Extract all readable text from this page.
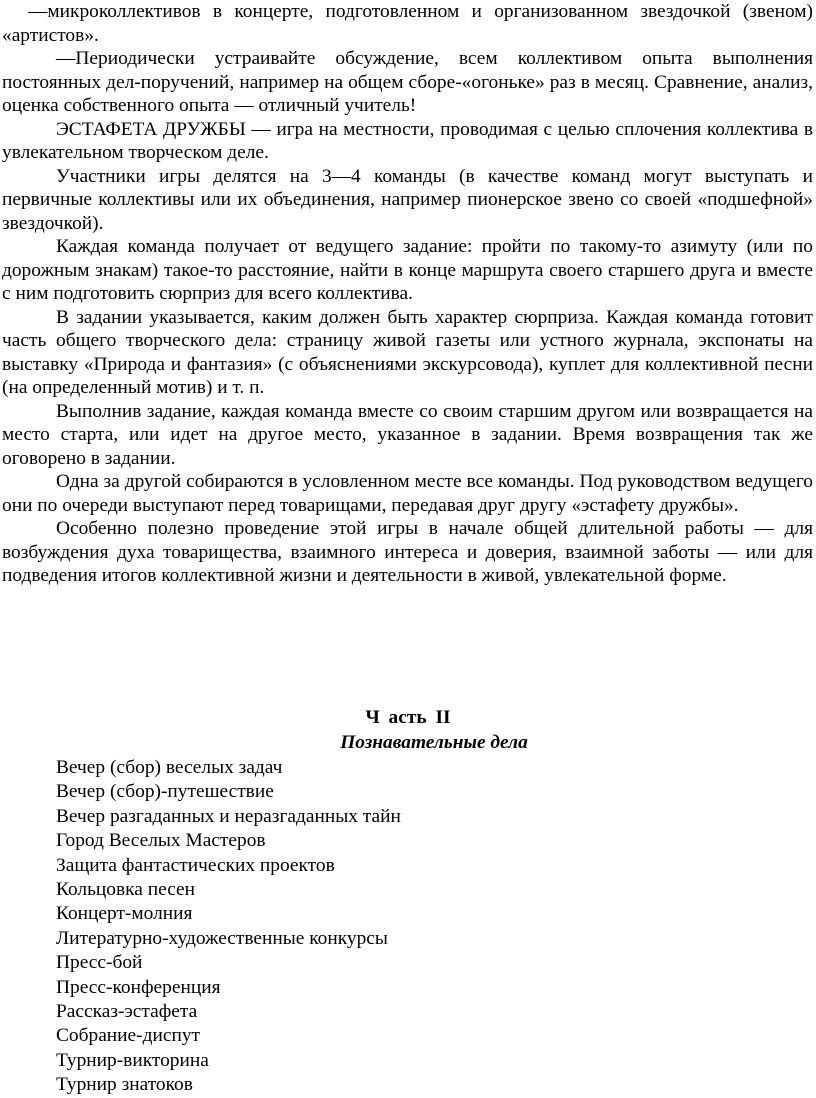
—микроколлективов в концерте, подготовленном и организованном звездочкой (звеном) «артистов».

—Периодически устраивайте обсуждение, всем коллективом опыта выполнения постоянных дел-поручений, например на общем сборе-«огоньке» раз в месяц. Сравнение, анализ, оценка собственного опыта — отличный учитель!

ЭСТАФЕТА ДРУЖБЫ — игра на местности, проводимая с целью сплочения коллектива в увлекательном творческом деле.

Участники игры делятся на 3—4 команды (в качестве команд могут выступать и первичные коллективы или их объединения, например пионерское звено со своей «подшефной» звездочкой).

Каждая команда получает от ведущего задание: пройти по такому-то азимуту (или по дорожным знакам) такое-то расстояние, найти в конце маршрута своего старшего друга и вместе с ним подготовить сюрприз для всего коллектива.

В задании указывается, каким должен быть характер сюрприза. Каждая команда готовит часть общего творческого дела: страницу живой газеты или устного журнала, экспонаты на выставку «Природа и фантазия» (с объяснениями экскурсовода), куплет для коллективной песни (на определенный мотив) и т. п.

Выполнив задание, каждая команда вместе со своим старшим другом или возвращается на место старта, или идет на другое место, указанное в задании. Время возвращения так же оговорено в задании.

Одна за другой собираются в условленном месте все команды. Под руководством ведущего они по очереди выступают перед товарищами, передавая друг другу «эстафету дружбы».

Особенно полезно проведение этой игры в начале общей длительной работы — для возбуждения духа товарищества, взаимного интереса и доверия, взаимной заботы — или для подведения итогов коллективной жизни и деятельности в живой, увлекательной форме.

Ч асть II
Познавательные дела
Вечер (сбор) веселых задач
Вечер (сбор)-путешествие
Вечер разгаданных и неразгаданных тайн
Город Веселых Мастеров
Защита фантастических проектов
Кольцовка песен
Концерт-молния
Литературно-художественные конкурсы
Пресс-бой
Пресс-конференция
Рассказ-эстафета
Собрание-диспут
Турнир-викторина
Турнир знатоков
